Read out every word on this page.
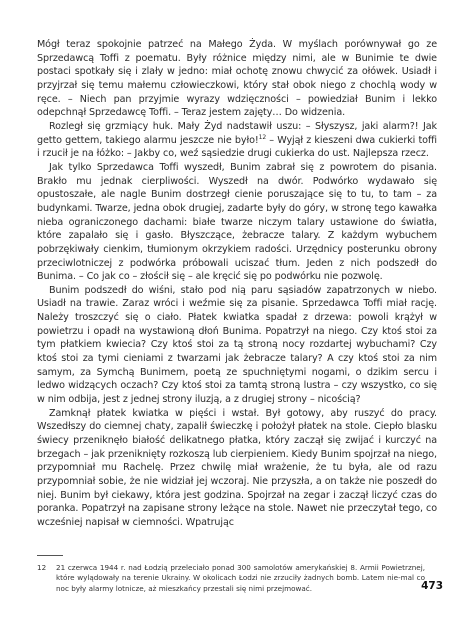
Mógł teraz spokojnie patrzeć na Małego Żyda. W myślach porównywał go ze Sprzedawcą Toffi z poematu. Były różnice między nimi, ale w Bunimie te dwie postaci spotkały się i zlały w jedno: miał ochotę znowu chwycić za ołówek. Usiadł i przyjrzał się temu małemu człowieczkowi, który stał obok niego z chochlą wody w ręce. – Niech pan przyjmie wyrazy wdzięczności – powiedział Bunim i lekko odepchnął Sprzedawcę Toffi. – Teraz jestem zajęty… Do widzenia.

Rozległ się grzmiący huk. Mały Żyd nadstawił uszu: – Słyszysz, jaki alarm?! Jak getto gettem, takiego alarmu jeszcze nie było!$^{12}$ – Wyjął z kieszeni dwa cukierki toffi i rzucił je na łóżko: – Jakby co, weź sąsiedzie drugi cukierka do ust. Najlepsza rzecz.

Jak tylko Sprzedawca Toffi wyszedł, Bunim zabrał się z powrotem do pisania. Brakło mu jednak cierpliwości. Wyszedł na dwór. Podwórko wydawało się opustoszałe, ale nagle Bunim dostrzegł cienie poruszające się to tu, to tam – za budynkami. Twarze, jedna obok drugiej, zadarte były do góry, w stronę tego kawałka nieba ograniczonego dachami: białe twarze niczym talary ustawione do światła, które zapalało się i gasło. Błyszczące, żebracze talary. Z każdym wybuchem pobrzękiwały cienkim, tłumionym okrzykiem radości. Urzędnicy posterunku obrony przeciwlotniczej z podwórka próbowali uciszać tłum. Jeden z nich podszedł do Bunima. – Co jak co – złościł się – ale kręcić się po podwórku nie pozwolę.

Bunim podszedł do wiśni, stało pod nią paru sąsiadów zapatrzonych w niebo. Usiadł na trawie. Zaraz wróci i weźmie się za pisanie. Sprzedawca Toffi miał rację. Należy troszczyć się o ciało. Płatek kwiatka spadał z drzewa: powoli krążył w powietrzu i opadł na wystawioną dłoń Bunima. Popatrzył na niego. Czy ktoś stoi za tym płatkiem kwiecia? Czy ktoś stoi za tą stroną nocy rozdartej wybuchami? Czy ktoś stoi za tymi cieniami z twarzami jak żebracze talary? A czy ktoś stoi za nim samym, za Symchą Bunimem, poetą ze spuchniętymi nogami, o dzikim sercu i ledwo widzących oczach? Czy ktoś stoi za tamtą stroną lustra – czy wszystko, co się w nim odbija, jest z jednej strony iluzją, a z drugiej strony – nicością?

Zamknął płatek kwiatka w pięści i wstał. Był gotowy, aby ruszyć do pracy. Wszedłszy do ciemnej chaty, zapalił świeczkę i położył płatek na stole. Ciepło blasku świecy przeniknęło białość delikatnego płatka, który zaczął się zwijać i kurczyć na brzegach – jak przeniknięty rozkoszą lub cierpieniem. Kiedy Bunim spojrzał na niego, przypomniał mu Rachelę. Przez chwilę miał wrażenie, że tu była, ale od razu przypomniał sobie, że nie widział jej wczoraj. Nie przyszła, a on także nie poszedł do niej. Bunim był ciekawy, która jest godzina. Spojrzał na zegar i zaczął liczyć czas do poranka. Popatrzył na zapisane strony leżące na stole. Nawet nie przeczytał tego, co wcześniej napisał w ciemności. Wpatrując

12 21 czerwca 1944 r. nad Łodzią przeleciało ponad 300 samolotów amerykańskiej 8. Armii Powietrznej, które wylądowały na terenie Ukrainy. W okolicach Łodzi nie zrzuciły żadnych bomb. Latem nie-mal co noc były alarmy lotnicze, aż mieszkańcy przestali się nimi przejmować.	473
